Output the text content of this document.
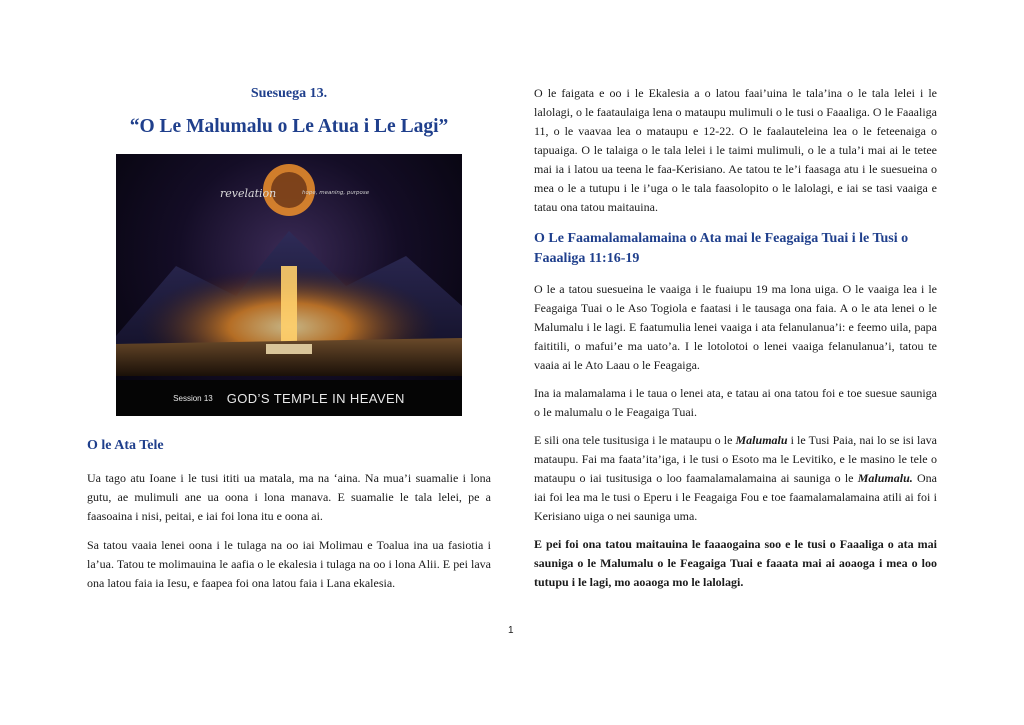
Suesuega 13.
“O Le Malumalu o Le Atua i Le Lagi”
revelation	hope, meaning, purpose
Session 13 GOD’S TEMPLE IN HEAVEN
O le Ata Tele

Ua tago atu Ioane i le tusi ititi ua matala, ma na ‘aina. Na mua’i suamalie i lona gutu, ae mulimuli ane ua oona i lona manava. E suamalie le tala lelei, pe a faasoaina i nisi, peitai, e iai foi lona itu e oona ai.

Sa tatou vaaia lenei oona i le tulaga na oo iai Molimau e Toalua ina ua fasiotia i la’ua. Tatou te molimauina le aafia o le ekalesia i tulaga na oo i lona Alii. E pei lava ona latou faia ia Iesu, e faapea foi ona latou faia i Lana ekalesia.

O le faigata e oo i le Ekalesia a o latou faai’uina le tala’ina o le tala lelei i le lalolagi, o le faataulaiga lena o mataupu mulimuli o le tusi o Faaaliga. O le Faaaliga 11, o le vaavaa lea o mataupu e 12-22. O le faalauteleina lea o le feteenaiga o tapuaiga. O le talaiga o le tala lelei i le taimi mulimuli, o le a tula’i mai ai le tetee mai ia i latou ua teena le faa-Kerisiano. Ae tatou te le’i faasaga atu i le suesueina o mea o le a tutupu i le i’uga o le tala faasolopito o le lalolagi, e iai se tasi vaaiga e tatau ona tatou maitauina.

O Le Faamalamalamaina o Ata mai le Feagaiga Tuai i le Tusi o Faaaliga 11:16-19

O le a tatou suesueina le vaaiga i le fuaiupu 19 ma lona uiga. O le vaaiga lea i le Feagaiga Tuai o le Aso Togiola e faatasi i le tausaga ona faia. A o le ata lenei o le Malumalu i le lagi. E faatumulia lenei vaaiga i ata felanulanua’i: e feemo uila, papa faititili, o mafui’e ma uato’a. I le lotolotoi o lenei vaaiga felanulanua’i, tatou te vaaia ai le Ato Laau o le Feagaiga.

Ina ia malamalama i le taua o lenei ata, e tatau ai ona tatou foi e toe suesue sauniga o le malumalu o le Feagaiga Tuai.

E sili ona tele tusitusiga i le mataupu o le Malumalu i le Tusi Paia, nai lo se isi lava mataupu. Fai ma faata’ita’iga, i le tusi o Esoto ma le Levitiko, e le masino le tele o mataupu o iai tusitusiga o loo faamalamalamaina ai sauniga o le Malumalu. Ona iai foi lea ma le tusi o Eperu i le Feagaiga Fou e toe faamalamalamaina atili ai foi i Kerisiano uiga o nei sauniga uma.

E pei foi ona tatou maitauina le faaaogaina soo e le tusi o Faaaliga o ata mai sauniga o le Malumalu o le Feagaiga Tuai e faaata mai ai aoaoga i mea o loo tutupu i le lagi, mo aoaoga mo le lalolagi.

1
